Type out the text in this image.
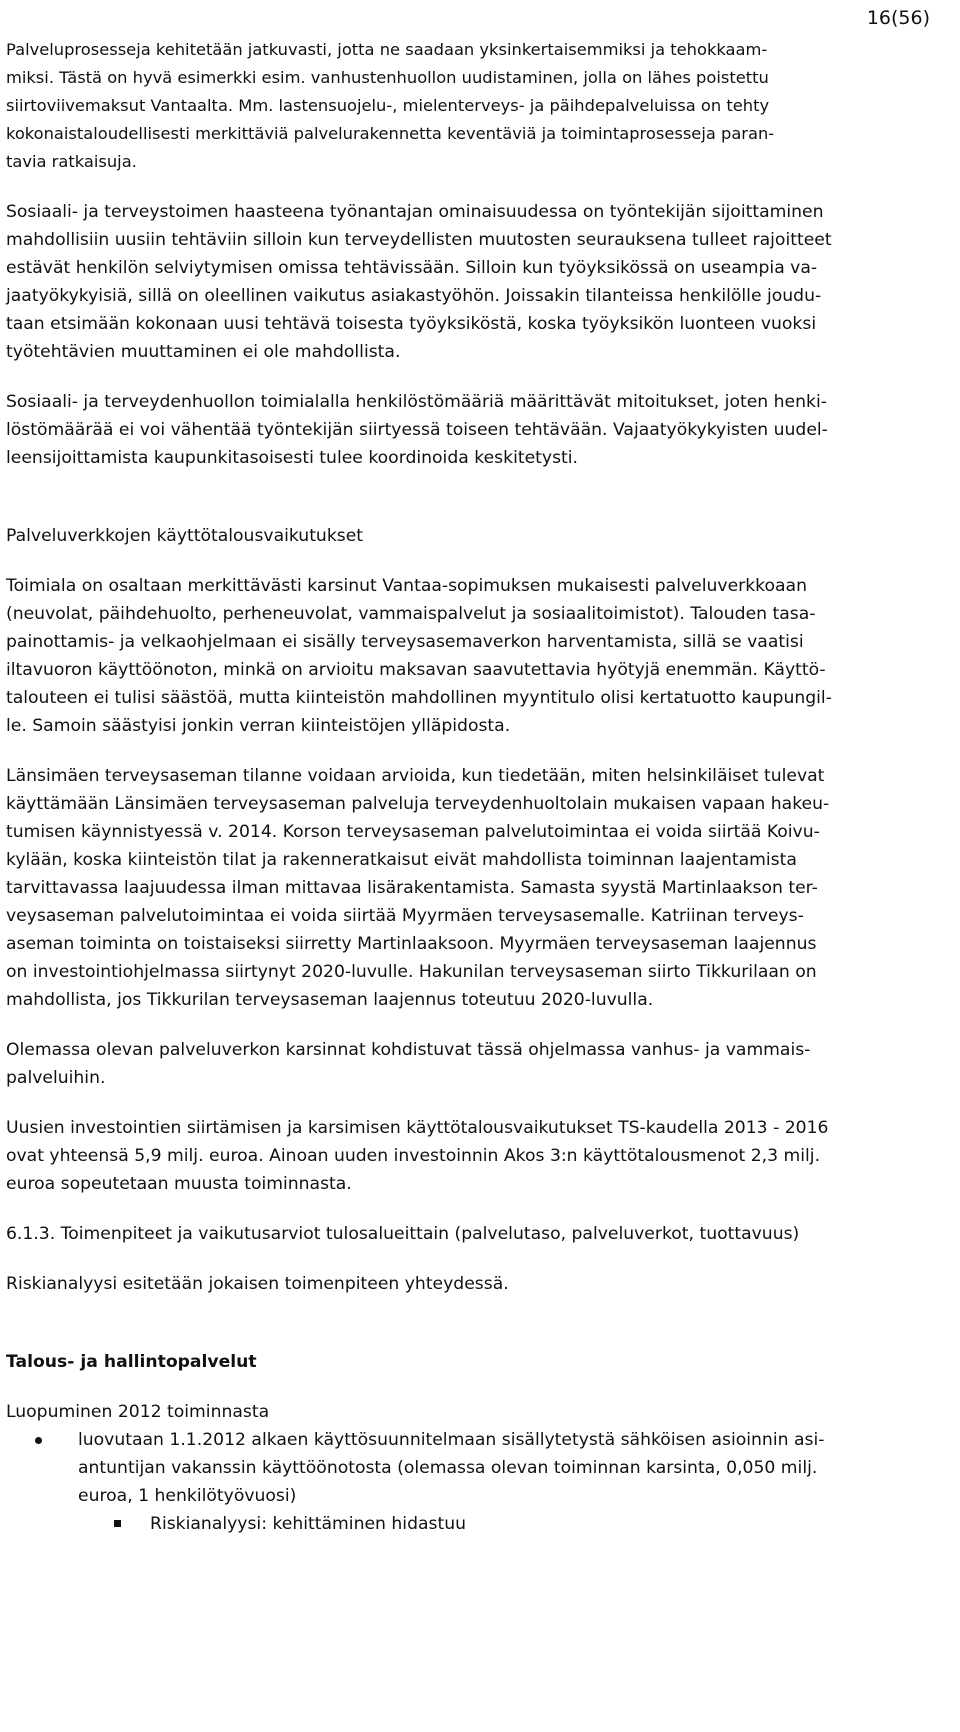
16(56)
Palveluprosesseja kehitetään jatkuvasti, jotta ne saadaan yksinkertaisemmiksi ja tehokkaam-
miksi. Tästä on hyvä esimerkki esim. vanhustenhuollon uudistaminen, jolla on lähes poistettu
siirtoviivemaksut Vantaalta. Mm. lastensuojelu-, mielenterveys- ja päihdepalveluissa on tehty
kokonaistaloudellisesti merkittäviä palvelurakennetta keventäviä ja toimintaprosesseja paran-
tavia ratkaisuja.
Sosiaali- ja terveystoimen haasteena työnantajan ominaisuudessa on työntekijän sijoittaminen
mahdollisiin uusiin tehtäviin silloin kun terveydellisten muutosten seurauksena tulleet rajoitteet
estävät henkilön selviytymisen omissa tehtävissään. Silloin kun työyksikössä on useampia va-
jaatyökykyisiä, sillä on oleellinen vaikutus asiakastyöhön. Joissakin tilanteissa henkilölle joudu-
taan etsimään kokonaan uusi tehtävä toisesta työyksiköstä, koska työyksikön luonteen vuoksi
työtehtävien muuttaminen ei ole mahdollista.
Sosiaali- ja terveydenhuollon toimialalla henkilöstömääriä määrittävät mitoitukset, joten henki-
löstömäärää ei voi vähentää työntekijän siirtyessä toiseen tehtävään. Vajaatyökykyisten uudel-
leensijoittamista kaupunkitasoisesti tulee koordinoida keskitetysti.
Palveluverkkojen käyttötalousvaikutukset
Toimiala on osaltaan merkittävästi karsinut Vantaa-sopimuksen mukaisesti palveluverkkoaan
(neuvolat, päihdehuolto, perheneuvolat, vammaispalvelut ja sosiaalitoimistot). Talouden tasa-
painottamis- ja velkaohjelmaan ei sisälly terveysasemaverkon harventamista, sillä se vaatisi
iltavuoron käyttöönoton, minkä on arvioitu maksavan saavutettavia hyötyjä enemmän. Käyttö-
talouteen ei tulisi säästöä, mutta kiinteistön mahdollinen myyntitulo olisi kertatuotto kaupungil-
le. Samoin säästyisi jonkin verran kiinteistöjen ylläpidosta.
Länsimäen terveysaseman tilanne voidaan arvioida, kun tiedetään, miten helsinkiläiset tulevat
käyttämään Länsimäen terveysaseman palveluja terveydenhuoltolain mukaisen vapaan hakeu-
tumisen käynnistyessä v. 2014. Korson terveysaseman palvelutoimintaa ei voida siirtää Koivu-
kylään, koska kiinteistön tilat ja rakenneratkaisut eivät mahdollista toiminnan laajentamista
tarvittavassa laajuudessa ilman mittavaa lisärakentamista. Samasta syystä Martinlaakson ter-
veysaseman palvelutoimintaa ei voida siirtää Myyrmäen terveysasemalle. Katriinan terveys-
aseman toiminta on toistaiseksi siirretty Martinlaaksoon. Myyrmäen terveysaseman laajennus
on investointiohjelmassa siirtynyt 2020-luvulle. Hakunilan terveysaseman siirto Tikkurilaan on
mahdollista, jos Tikkurilan terveysaseman laajennus toteutuu 2020-luvulla.
Olemassa olevan palveluverkon karsinnat kohdistuvat tässä ohjelmassa vanhus- ja vammais-
palveluihin.
Uusien investointien siirtämisen ja karsimisen käyttötalousvaikutukset TS-kaudella 2013 - 2016
ovat yhteensä 5,9 milj. euroa. Ainoan uuden investoinnin Akos 3:n käyttötalousmenot 2,3 milj.
euroa sopeutetaan muusta toiminnasta.
6.1.3. Toimenpiteet ja vaikutusarviot tulosalueittain (palvelutaso, palveluverkot, tuottavuus)
Riskianalyysi esitetään jokaisen toimenpiteen yhteydessä.
Talous- ja hallintopalvelut
Luopuminen 2012 toiminnasta
luovutaan 1.1.2012 alkaen käyttösuunnitelmaan sisällytetystä sähköisen asioinnin asi-
antuntijan vakanssin käyttöönotosta (olemassa olevan toiminnan karsinta, 0,050 milj.
euroa, 1 henkilötyövuosi)
Riskianalyysi: kehittäminen hidastuu
